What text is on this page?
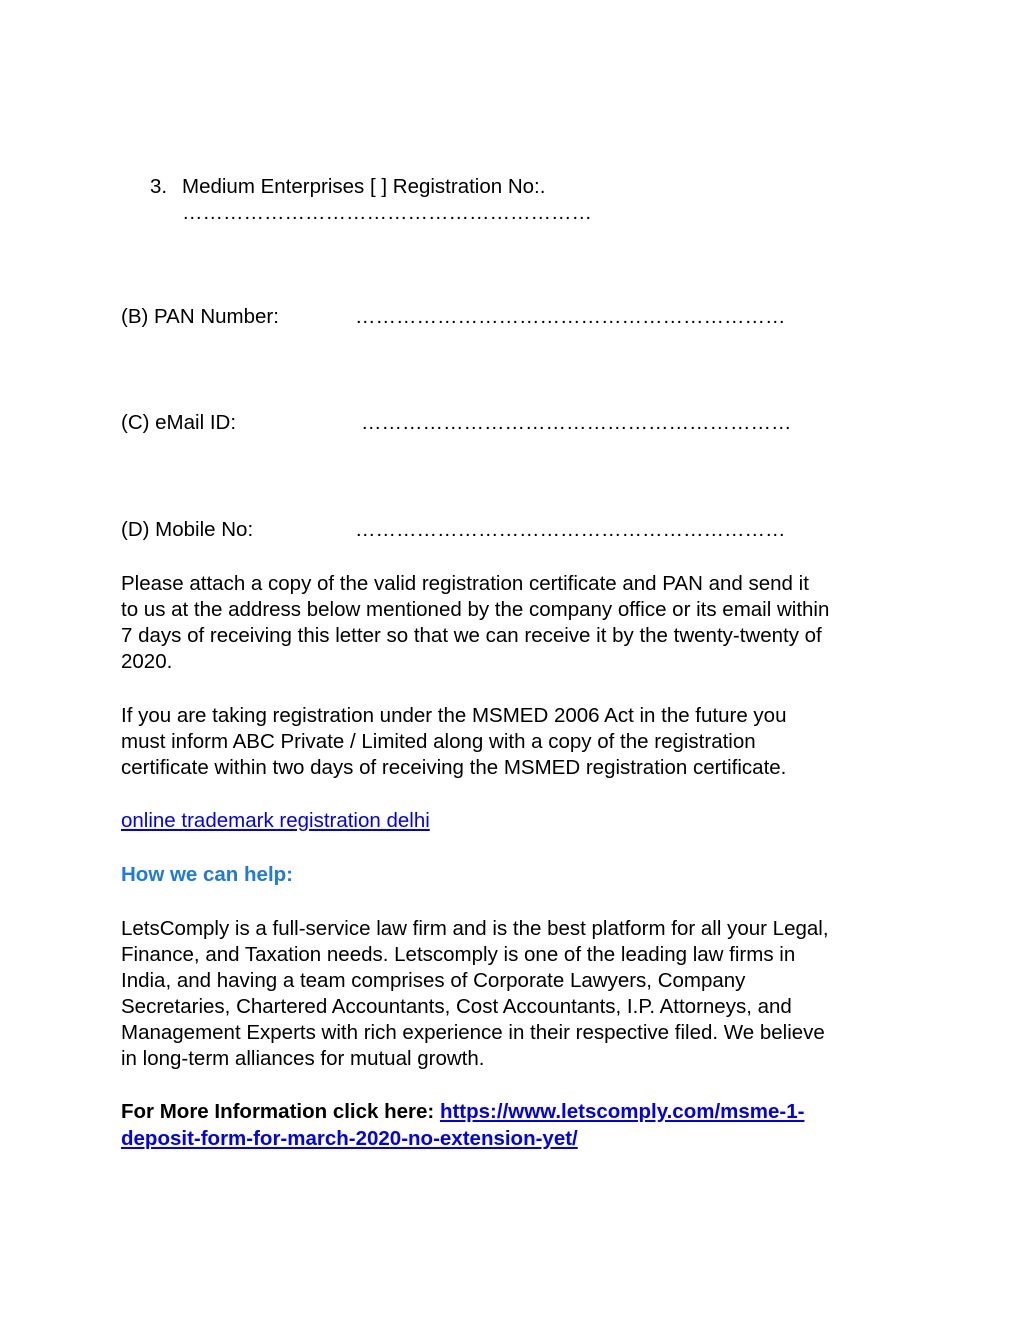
3. Medium Enterprises [ ] Registration No:.
……………………………………………………
(B) PAN Number:	………………………………………………………
(C) eMail ID:	………………………………………………………
(D) Mobile No:	………………………………………………………
Please attach a copy of the valid registration certificate and PAN and send it
to us at the address below mentioned by the company office or its email within
7 days of receiving this letter so that we can receive it by the twenty-twenty of
2020.
If you are taking registration under the MSMED 2006 Act in the future you
must inform ABC Private / Limited along with a copy of the registration
certificate within two days of receiving the MSMED registration certificate.
online trademark registration delhi
How we can help:
LetsComply is a full-service law firm and is the best platform for all your Legal,
Finance, and Taxation needs. Letscomply is one of the leading law firms in
India, and having a team comprises of Corporate Lawyers, Company
Secretaries, Chartered Accountants, Cost Accountants, I.P. Attorneys, and
Management Experts with rich experience in their respective filed. We believe
in long-term alliances for mutual growth.
For More Information click here: https://www.letscomply.com/msme-1-
deposit-form-for-march-2020-no-extension-yet/
